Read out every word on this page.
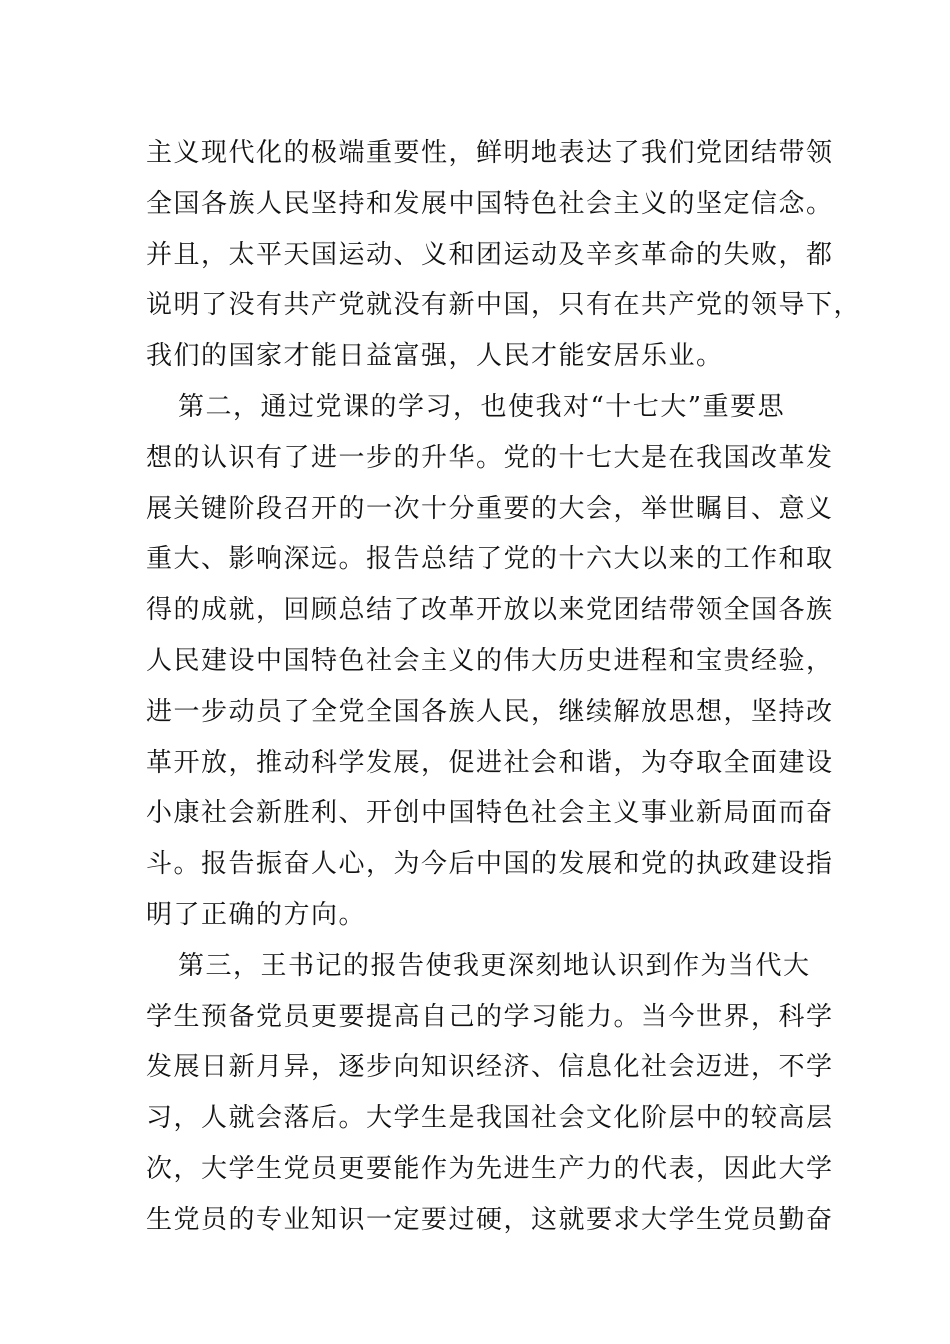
主义现代化的极端重要性，鲜明地表达了我们党团结带领
全国各族人民坚持和发展中国特色社会主义的坚定信念。
并且，太平天国运动、义和团运动及辛亥革命的失败，都
说明了没有共产党就没有新中国，只有在共产党的领导下，
我们的国家才能日益富强，人民才能安居乐业。
第二，通过党课的学习，也使我对“十七大”重要思
想的认识有了进一步的升华。党的十七大是在我国改革发
展关键阶段召开的一次十分重要的大会，举世瞩目、意义
重大、影响深远。报告总结了党的十六大以来的工作和取
得的成就，回顾总结了改革开放以来党团结带领全国各族
人民建设中国特色社会主义的伟大历史进程和宝贵经验，
进一步动员了全党全国各族人民，继续解放思想，坚持改
革开放，推动科学发展，促进社会和谐，为夺取全面建设
小康社会新胜利、开创中国特色社会主义事业新局面而奋
斗。报告振奋人心，为今后中国的发展和党的执政建设指
明了正确的方向。
第三，王书记的报告使我更深刻地认识到作为当代大
学生预备党员更要提高自己的学习能力。当今世界，科学
发展日新月异，逐步向知识经济、信息化社会迈进，不学
习，人就会落后。大学生是我国社会文化阶层中的较高层
次，大学生党员更要能作为先进生产力的代表，因此大学
生党员的专业知识一定要过硬，这就要求大学生党员勤奋
